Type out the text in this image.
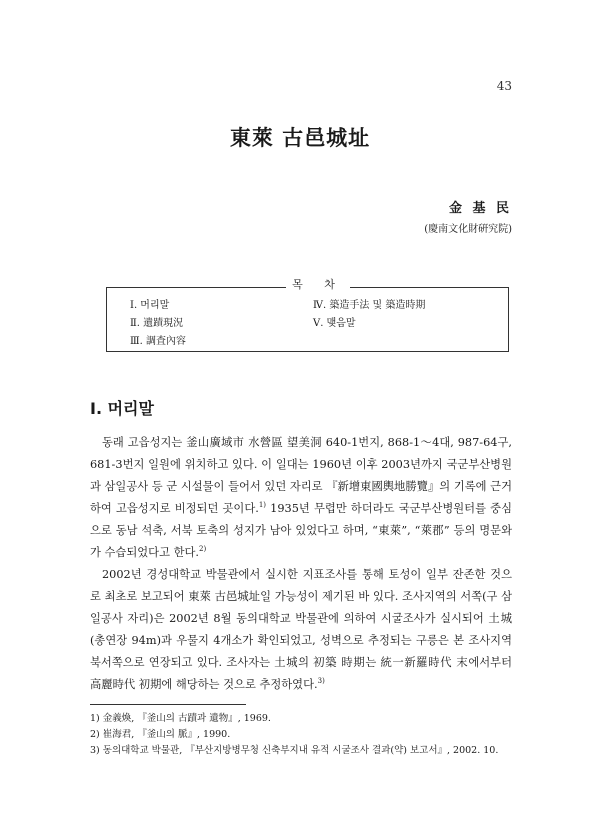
43
東萊 古邑城址
金 基 民
(慶南文化財硏究院)
목 차
Ⅰ. 머리말
Ⅱ. 遺蹟現況
Ⅲ. 調査內容
Ⅳ. 築造手法 및 築造時期
Ⅴ. 맺음말
Ⅰ. 머리말

동래 고읍성지는 釜山廣域市 水營區 望美洞 640-1번지, 868-1～4대, 987-64구, 681-3번지 일원에 위치하고 있다. 이 일대는 1960년 이후 2003년까지 국군부산병원과 삼일공사 등 군 시설물이 들어서 있던 자리로 『新增東國輿地勝覽』의 기록에 근거하여 고읍성지로 비정되던 곳이다.$^{1)}$ 1935년 무렵만 하더라도 국군부산병원터를 중심으로 동남 석축, 서북 토축의 성지가 남아 있었다고 하며, “東萊”, “萊郡” 등의 명문와가 수습되었다고 한다.$^{2)}$

2002년 경성대학교 박물관에서 실시한 지표조사를 통해 토성이 일부 잔존한 것으로 최초로 보고되어 東萊 古邑城址일 가능성이 제기된 바 있다. 조사지역의 서쪽(구 삼일공사 자리)은 2002년 8월 동의대학교 박물관에 의하여 시굴조사가 실시되어 土城(총연장 94m)과 우물지 4개소가 확인되었고, 성벽으로 추정되는 구릉은 본 조사지역 북서쪽으로 연장되고 있다. 조사자는 土城의 初築 時期는 統一新羅時代 末에서부터 高麗時代 初期에 해당하는 것으로 추정하였다.$^{3)}$

1) 金義煥, 『釜山의 古蹟과 遺物』, 1969.
2) 崔海君, 『釜山의 脈』, 1990.
3) 동의대학교 박물관, 『부산지방병무청 신축부지내 유적 시굴조사 결과(약) 보고서』, 2002. 10.
